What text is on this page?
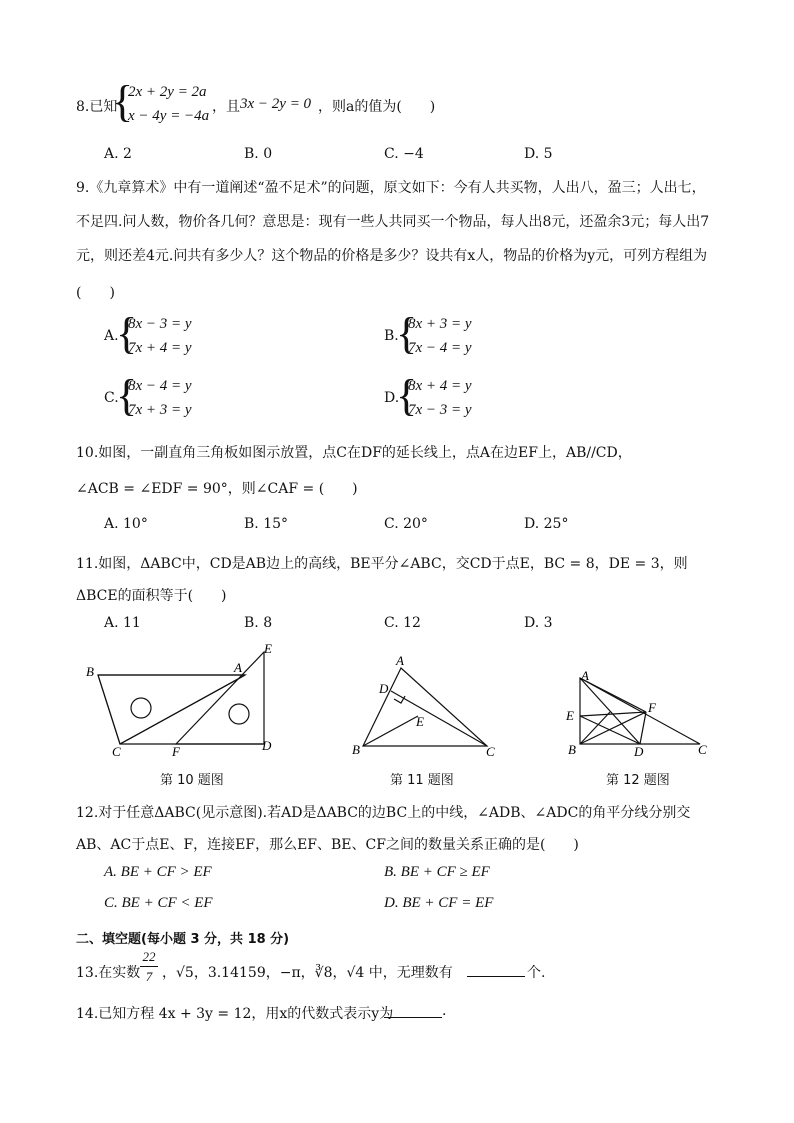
8.已知
{
2x + 2y = 2a
x − 4y = −4a
，且 3x − 2y = 0 ，则a的值为(　　)
A. 2	B. 0	C. −4	D. 5
9.《九章算术》中有一道阐述“盈不足术”的问题，原文如下：今有人共买物，人出八，盈三；人出七，
不足四.问人数，物价各几何？意思是：现有一些人共同买一个物品，每人出8元，还盈余3元；每人出7
元，则还差4元.问共有多少人？这个物品的价格是多少？设共有x人，物品的价格为y元，可列方程组为
(　　)
A.
{
8x − 3 = y
7x + 4 = y
B.
{
8x + 3 = y
7x − 4 = y
C.
{
8x − 4 = y
7x + 3 = y
D.
{
8x + 4 = y
7x − 3 = y
10.如图，一副直角三角板如图示放置，点C在DF的延长线上，点A在边EF上，AB//CD，
∠ACB = ∠EDF = 90°，则∠CAF = (　　)
A. 10°	B. 15°	C. 20°	D. 25°
11.如图，ΔABC中，CD是AB边上的高线，BE平分∠ABC，交CD于点E，BC = 8，DE = 3，则
ΔBCE的面积等于(　　)
A. 11	B. 8	C. 12	D. 3
B	A
E
C	F	D
第 10 题图
A
D
E
B	C
第 11 题图
A
E
F
B	D	C
第 12 题图
12.对于任意ΔABC(见示意图).若AD是ΔABC的边BC上的中线，∠ADB、∠ADC的角平分线分别交
AB、AC于点E、F，连接EF，那么EF、BE、CF之间的数量关系正确的是(　　)
A. BE + CF > EF	B. BE + CF ≥ EF
C. BE + CF < EF	D. BE + CF = EF
二、填空题(每小题 3 分，共 18 分)
13.在实数
22
7 ，√5，3.14159，−π，∛8，√4 中，无理数有	个.
14.已知方程 4x + 3y = 12，用x的代数式表示y为	.
